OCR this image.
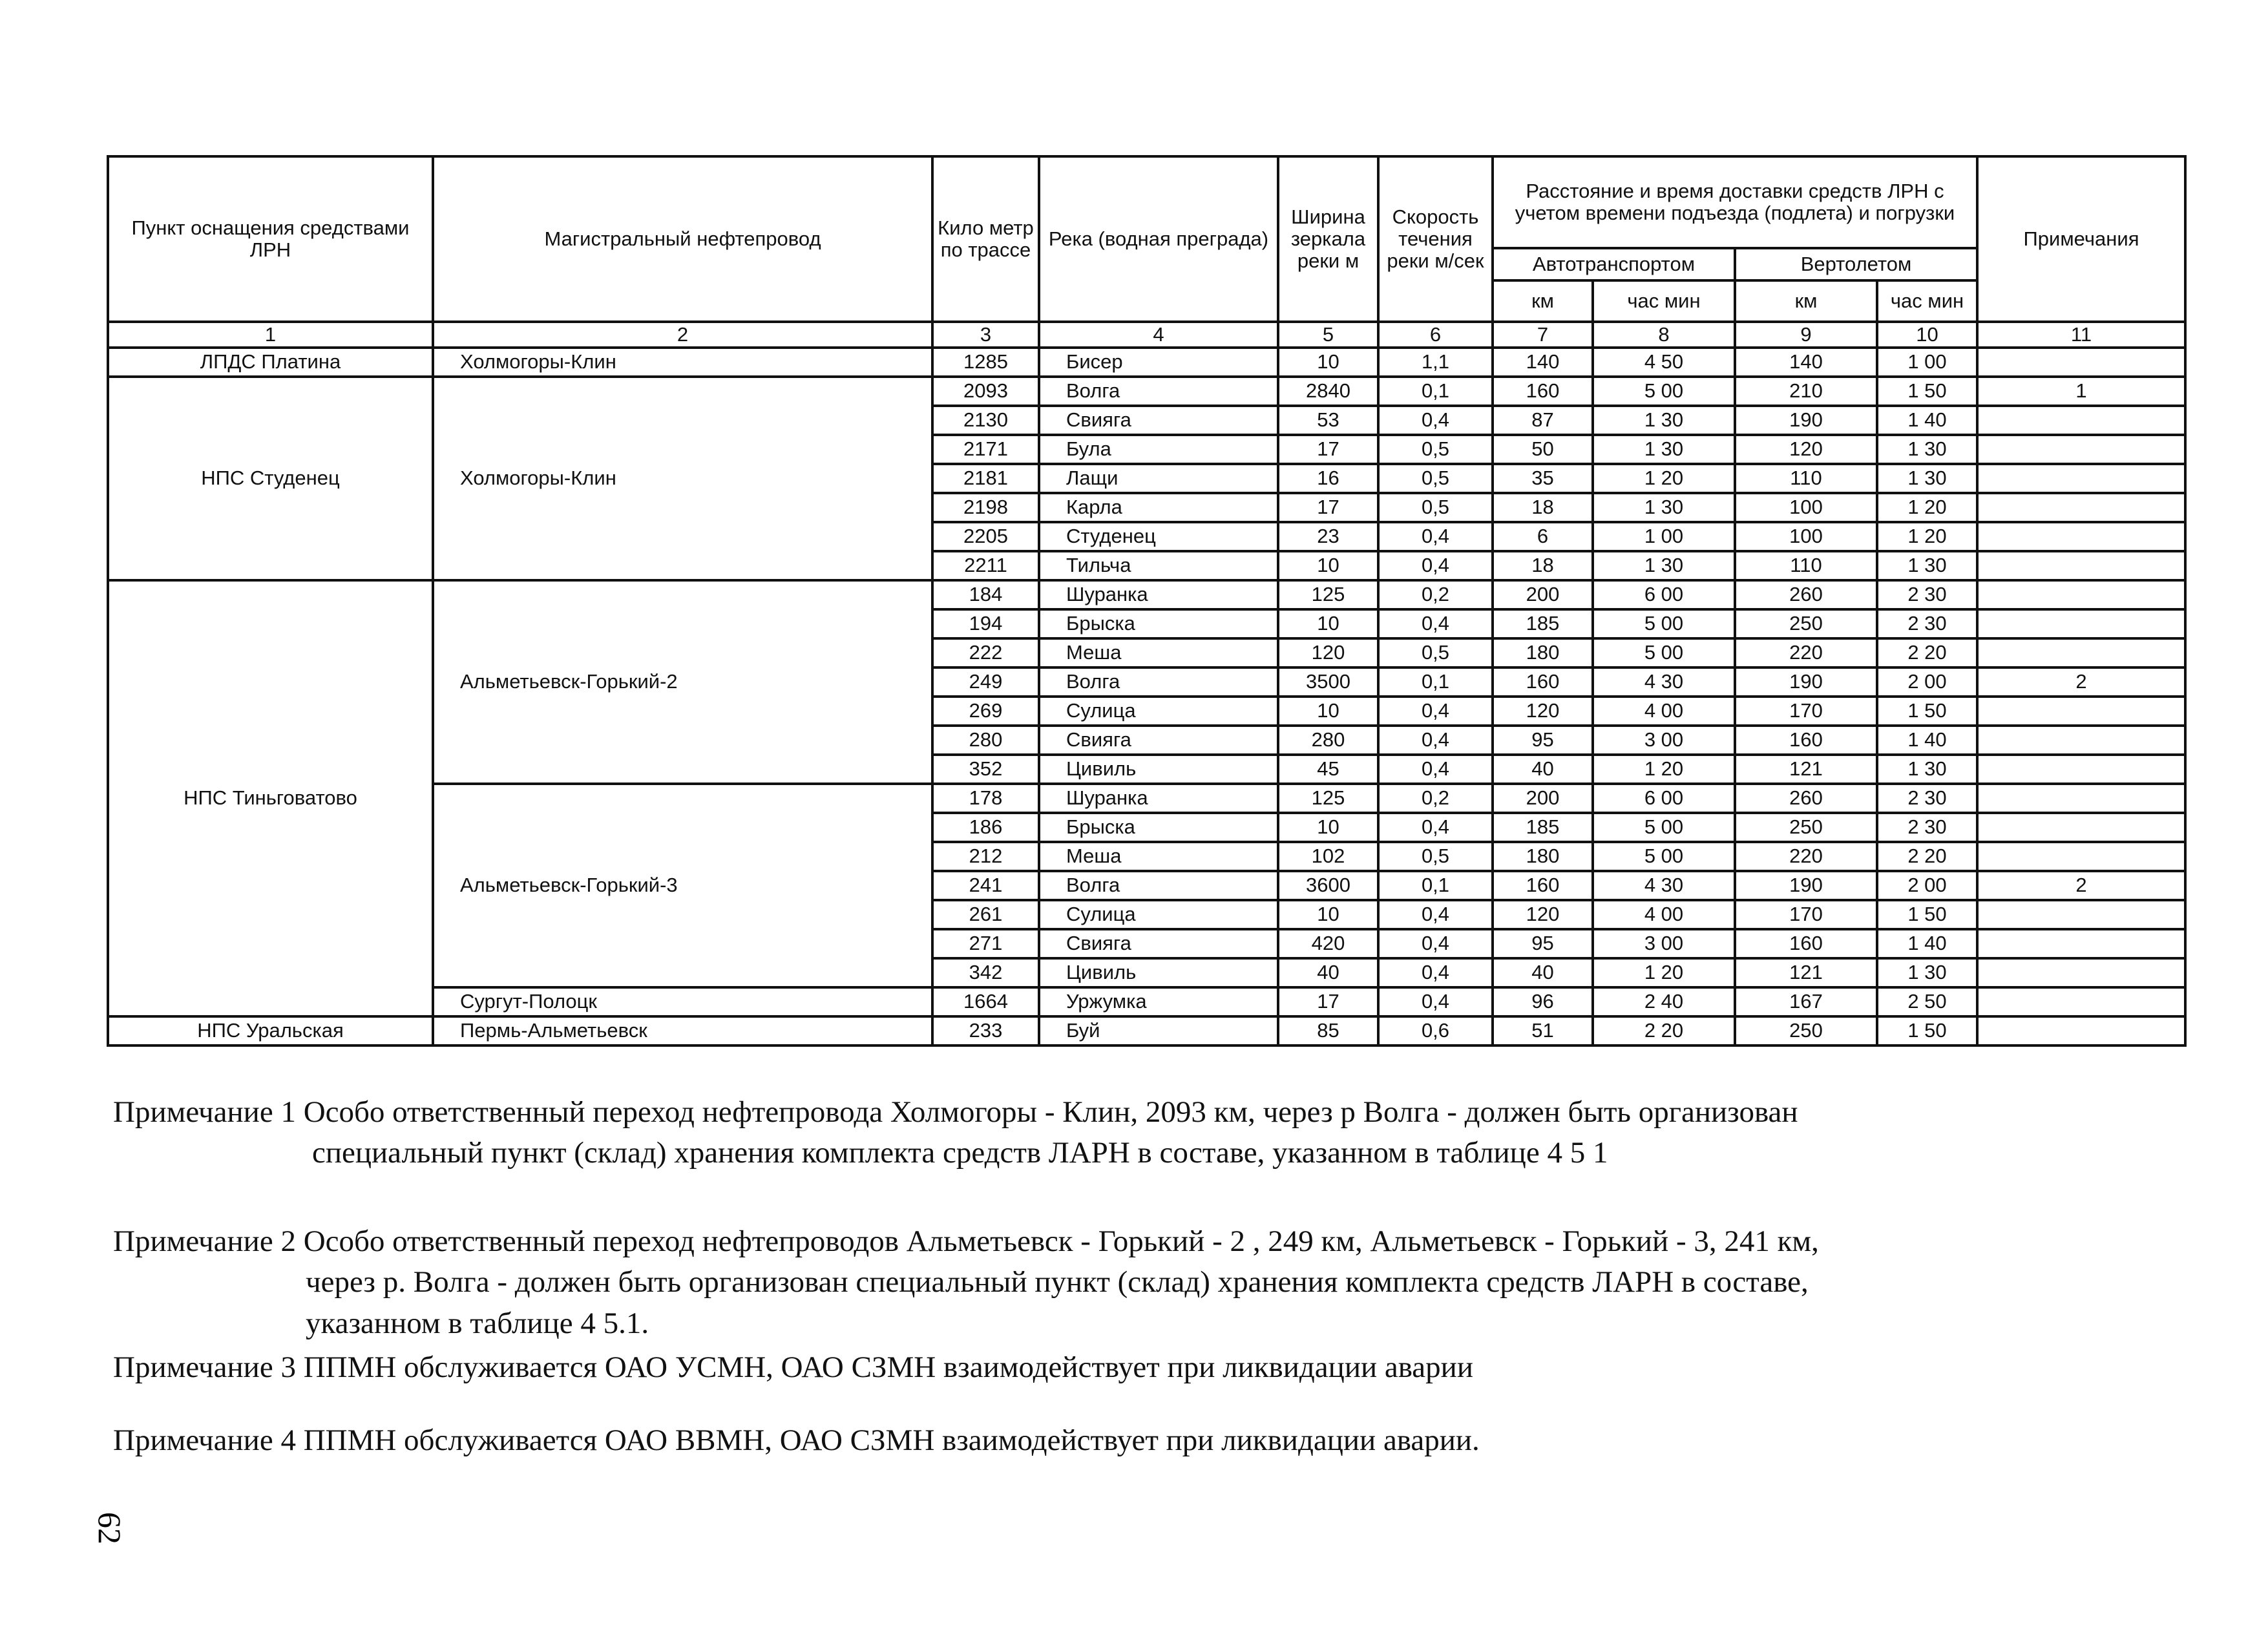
Пункт оснащения средствами ЛРН	Магистральный нефтепровод	Кило метр по трассе	Река (водная преграда)	Ширина зеркала реки м	Скорость течения реки м/сек	Расстояние и время доставки средств ЛРН с учетом времени подъезда (подлета) и погрузки				Примечания
						Автотранспортом		Вертолетом		
						км	час мин	км	час мин	
1	2	3	4	5	6	7	8	9	10	11
ЛПДС Платина	Холмогоры-Клин	1285	Бисер	10	1,1	140	4 50	140	1 00	
НПС Студенец	Холмогоры-Клин	2093	Волга	2840	0,1	160	5 00	210	1 50	1
		2130	Свияга	53	0,4	87	1 30	190	1 40	
		2171	Була	17	0,5	50	1 30	120	1 30	
		2181	Лащи	16	0,5	35	1 20	110	1 30	
		2198	Карла	17	0,5	18	1 30	100	1 20	
		2205	Студенец	23	0,4	6	1 00	100	1 20	
		2211	Тильча	10	0,4	18	1 30	110	1 30	
НПС Тиньговатово	Альметьевск-Горький-2	184	Шуранка	125	0,2	200	6 00	260	2 30	
		194	Брыска	10	0,4	185	5 00	250	2 30	
		222	Меша	120	0,5	180	5 00	220	2 20	
		249	Волга	3500	0,1	160	4 30	190	2 00	2
		269	Сулица	10	0,4	120	4 00	170	1 50	
		280	Свияга	280	0,4	95	3 00	160	1 40	
		352	Цивиль	45	0,4	40	1 20	121	1 30	
	Альметьевск-Горький-3	178	Шуранка	125	0,2	200	6 00	260	2 30	
		186	Брыска	10	0,4	185	5 00	250	2 30	
		212	Меша	102	0,5	180	5 00	220	2 20	
		241	Волга	3600	0,1	160	4 30	190	2 00	2
		261	Сулица	10	0,4	120	4 00	170	1 50	
		271	Свияга	420	0,4	95	3 00	160	1 40	
		342	Цивиль	40	0,4	40	1 20	121	1 30	
	Сургут-Полоцк	1664	Уржумка	17	0,4	96	2 40	167	2 50	
НПС Уральская	Пермь-Альметьевск	233	Буй	85	0,6	51	2 20	250	1 50	
Примечание 1 Особо ответственный переход нефтепровода Холмогоры - Клин, 2093 км, через р Волга - должен быть организован
специальный пункт (склад) хранения комплекта средств ЛАРН в составе, указанном в таблице 4 5 1
Примечание 2 Особо ответственный переход нефтепроводов Альметьевск - Горький - 2 , 249 км, Альметьевск - Горький - 3, 241 км,
через р. Волга - должен быть организован специальный пункт (склад) хранения комплекта средств ЛАРН в составе,
указанном в таблице 4 5.1.
Примечание 3 ППМН обслуживается ОАО УСМН, ОАО СЗМН взаимодействует при ликвидации аварии
Примечание 4 ППМН обслуживается ОАО ВВМН, ОАО СЗМН взаимодействует при ликвидации аварии.
62
